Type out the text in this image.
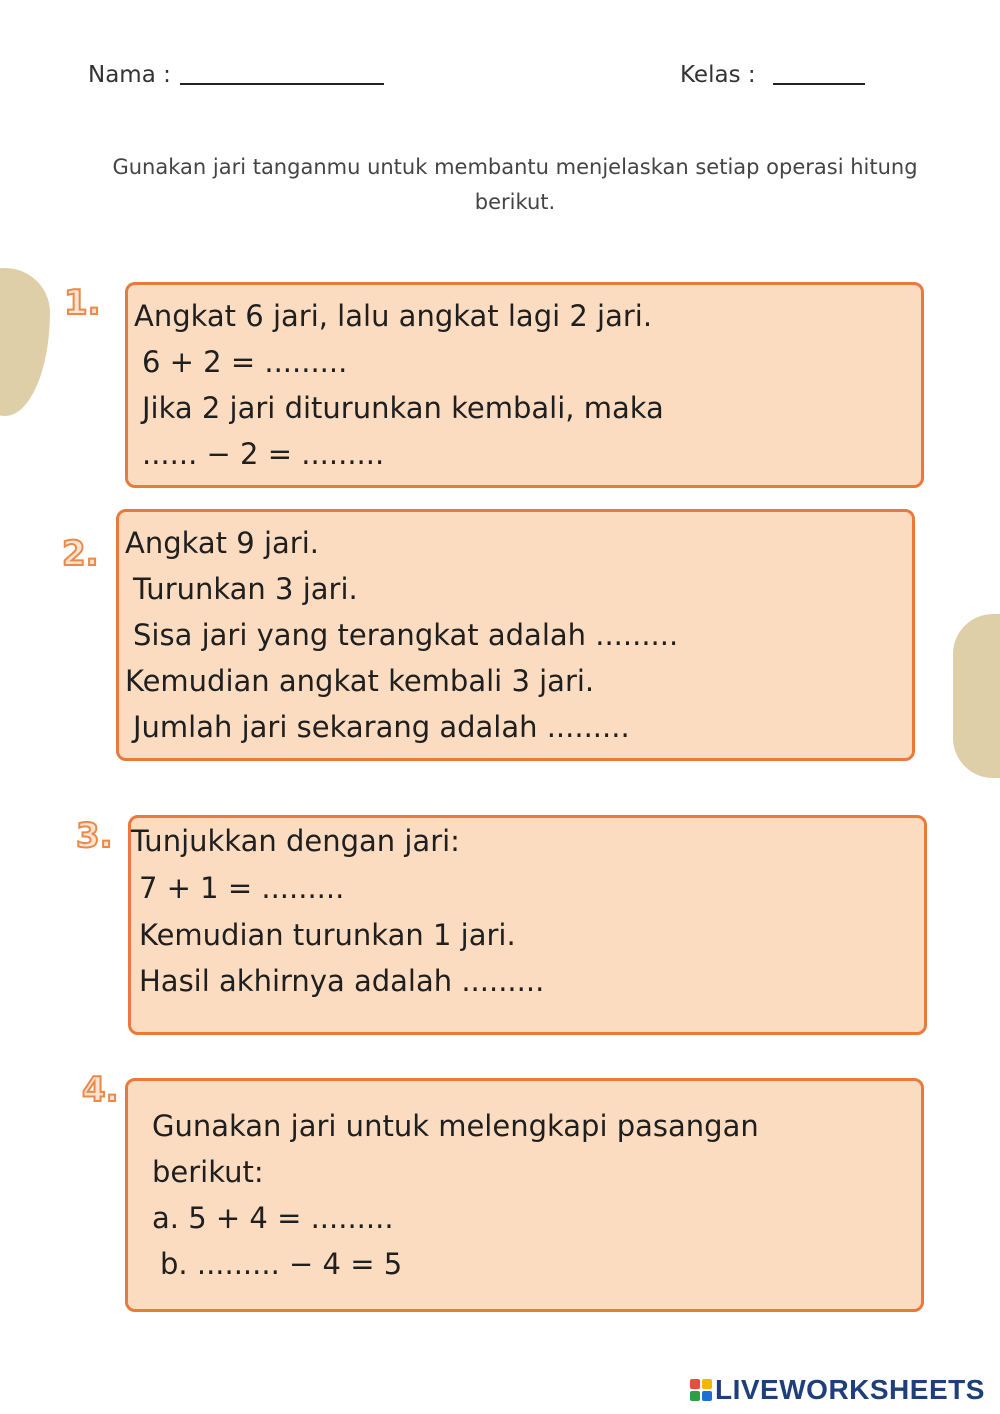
Nama :	Kelas :
Gunakan jari tanganmu untuk membantu menjelaskan setiap operasi hitung berikut.
1. Angkat 6 jari, lalu angkat lagi 2 jari.
6 + 2 = .........
Jika 2 jari diturunkan kembali, maka
...... − 2 = .........
2. Angkat 9 jari.
Turunkan 3 jari.
Sisa jari yang terangkat adalah .........
Kemudian angkat kembali 3 jari.
Jumlah jari sekarang adalah .........
3. Tunjukkan dengan jari:
7 + 1 = .........
Kemudian turunkan 1 jari.
Hasil akhirnya adalah .........
4.
Gunakan jari untuk melengkapi pasangan
berikut:
a. 5 + 4 = .........
b. ......... − 4 = 5
LIVEWORKSHEETS
